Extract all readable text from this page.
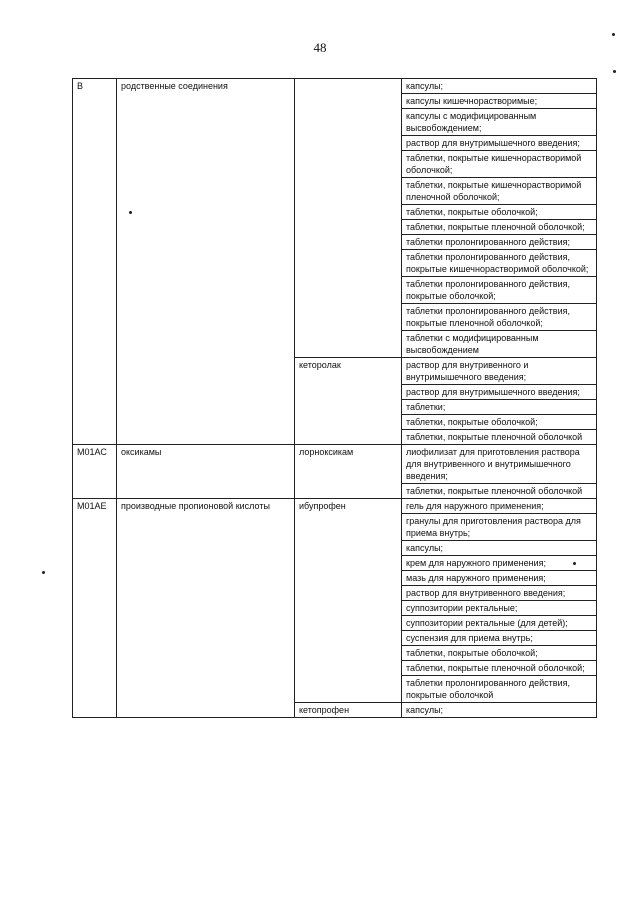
48
В	родственные соединения		капсулы;
			капсулы кишечнорастворимые;
			капсулы с модифицированным высвобождением;
			раствор для внутримышечного введения;
			таблетки, покрытые кишечнорастворимой оболочкой;
			таблетки, покрытые кишечнорастворимой пленочной оболочкой;
			таблетки, покрытые оболочкой;
			таблетки, покрытые пленочной оболочкой;
			таблетки пролонгированного действия;
			таблетки пролонгированного действия, покрытые кишечнорастворимой оболочкой;
			таблетки пролонгированного действия, покрытые оболочкой;
			таблетки пролонгированного действия, покрытые пленочной оболочкой;
			таблетки с модифицированным высвобождением
		кеторолак	раствор для внутривенного и внутримышечного введения;
			раствор для внутримышечного введения;
			таблетки;
			таблетки, покрытые оболочкой;
			таблетки, покрытые пленочной оболочкой
М01АС	оксикамы	лорноксикам	лиофилизат для приготовления раствора для внутривенного и внутримышечного введения;
			таблетки, покрытые пленочной оболочкой
М01АЕ	производные пропионовой кислоты	ибупрофен	гель для наружного применения;
			гранулы для приготовления раствора для приема внутрь;
			капсулы;
			крем для наружного применения;
			мазь для наружного применения;
			раствор для внутривенного введения;
			суппозитории ректальные;
			суппозитории ректальные (для детей);
			суспензия для приема внутрь;
			таблетки, покрытые оболочкой;
			таблетки, покрытые пленочной оболочкой;
			таблетки пролонгированного действия, покрытые оболочкой
		кетопрофен	капсулы;
